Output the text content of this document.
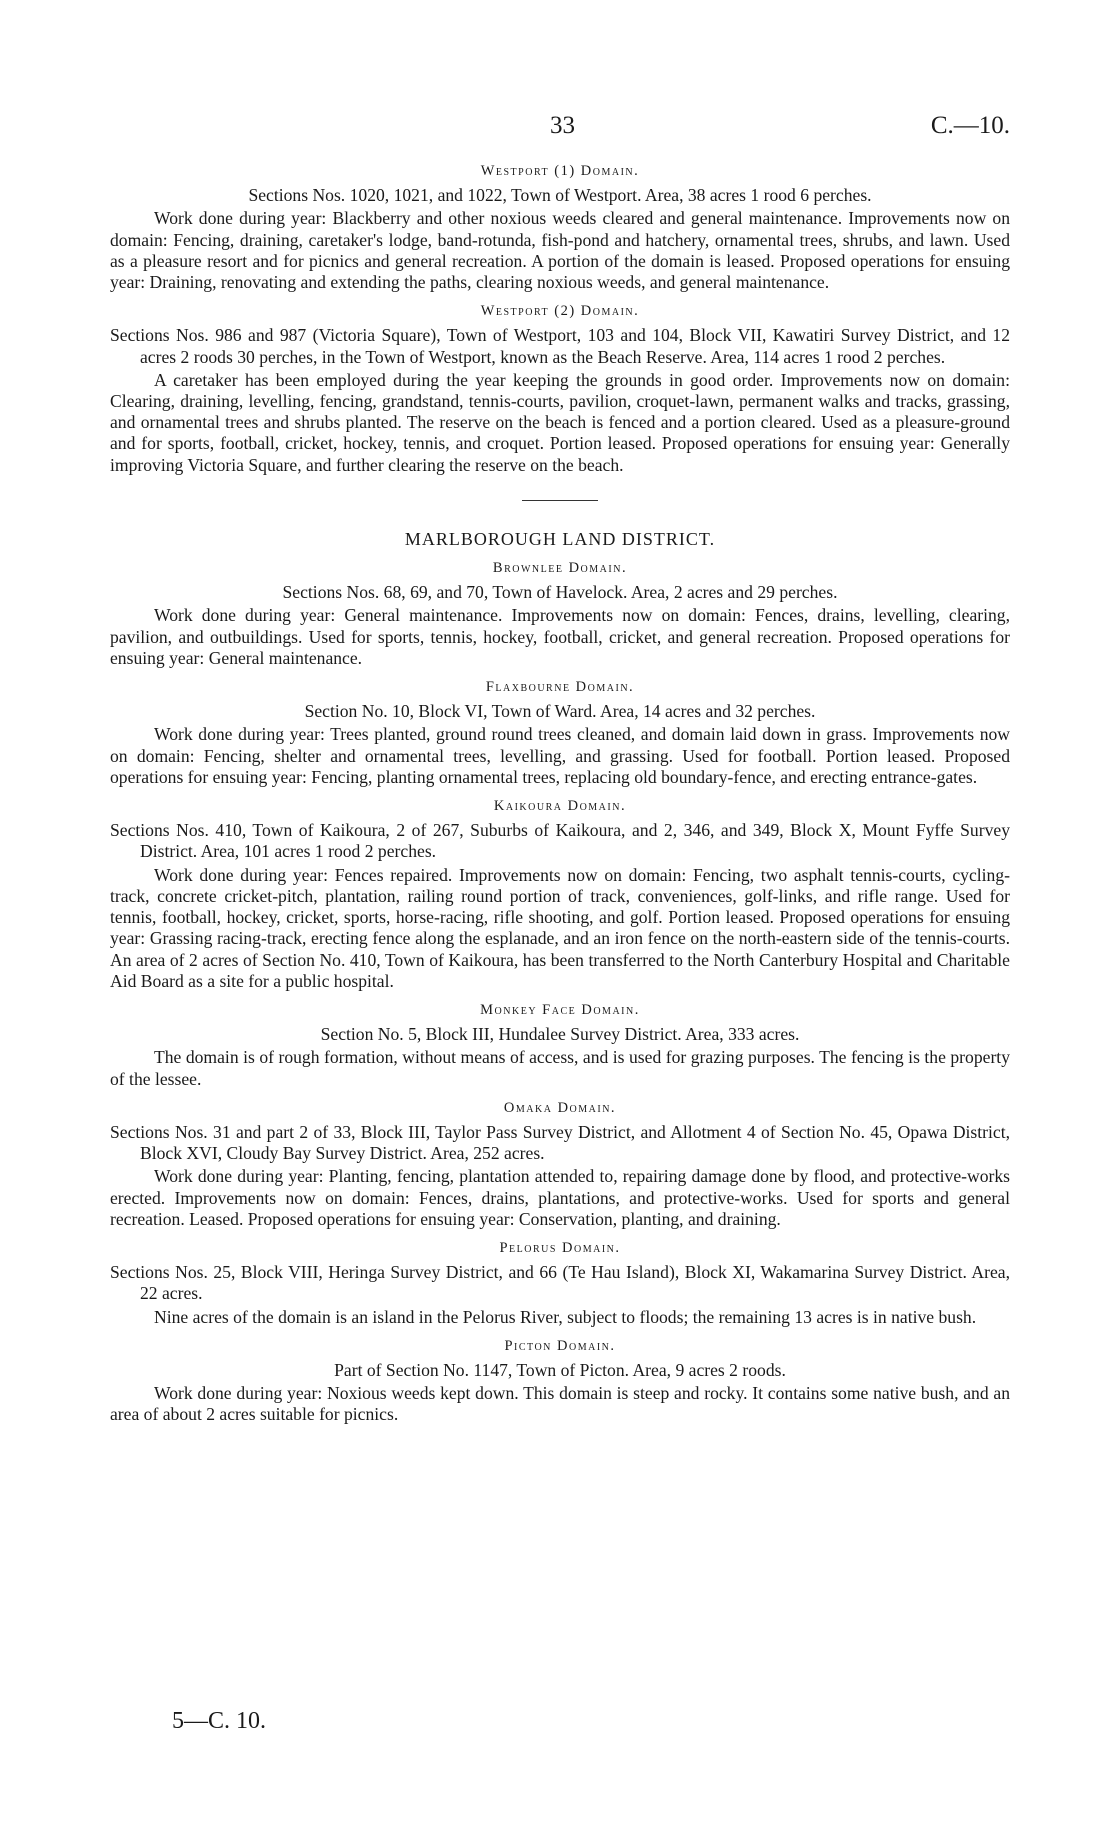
33	C.—10.
Westport (1) Domain.
Sections Nos. 1020, 1021, and 1022, Town of Westport. Area, 38 acres 1 rood 6 perches.
Work done during year: Blackberry and other noxious weeds cleared and general maintenance. Improvements now on domain: Fencing, draining, caretaker's lodge, band-rotunda, fish-pond and hatchery, ornamental trees, shrubs, and lawn. Used as a pleasure resort and for picnics and general recreation. A portion of the domain is leased. Proposed operations for ensuing year: Draining, renovating and extending the paths, clearing noxious weeds, and general maintenance.
Westport (2) Domain.
Sections Nos. 986 and 987 (Victoria Square), Town of Westport, 103 and 104, Block VII, Kawatiri Survey District, and 12 acres 2 roods 30 perches, in the Town of Westport, known as the Beach Reserve. Area, 114 acres 1 rood 2 perches.
A caretaker has been employed during the year keeping the grounds in good order. Improvements now on domain: Clearing, draining, levelling, fencing, grandstand, tennis-courts, pavilion, croquet-lawn, permanent walks and tracks, grassing, and ornamental trees and shrubs planted. The reserve on the beach is fenced and a portion cleared. Used as a pleasure-ground and for sports, football, cricket, hockey, tennis, and croquet. Portion leased. Proposed operations for ensuing year: Generally improving Victoria Square, and further clearing the reserve on the beach.
MARLBOROUGH LAND DISTRICT.
Brownlee Domain.
Sections Nos. 68, 69, and 70, Town of Havelock. Area, 2 acres and 29 perches.
Work done during year: General maintenance. Improvements now on domain: Fences, drains, levelling, clearing, pavilion, and outbuildings. Used for sports, tennis, hockey, football, cricket, and general recreation. Proposed operations for ensuing year: General maintenance.
Flaxbourne Domain.
Section No. 10, Block VI, Town of Ward. Area, 14 acres and 32 perches.
Work done during year: Trees planted, ground round trees cleaned, and domain laid down in grass. Improvements now on domain: Fencing, shelter and ornamental trees, levelling, and grassing. Used for football. Portion leased. Proposed operations for ensuing year: Fencing, planting ornamental trees, replacing old boundary-fence, and erecting entrance-gates.
Kaikoura Domain.
Sections Nos. 410, Town of Kaikoura, 2 of 267, Suburbs of Kaikoura, and 2, 346, and 349, Block X, Mount Fyffe Survey District. Area, 101 acres 1 rood 2 perches.
Work done during year: Fences repaired. Improvements now on domain: Fencing, two asphalt tennis-courts, cycling-track, concrete cricket-pitch, plantation, railing round portion of track, conveniences, golf-links, and rifle range. Used for tennis, football, hockey, cricket, sports, horse-racing, rifle shooting, and golf. Portion leased. Proposed operations for ensuing year: Grassing racing-track, erecting fence along the esplanade, and an iron fence on the north-eastern side of the tennis-courts. An area of 2 acres of Section No. 410, Town of Kaikoura, has been transferred to the North Canterbury Hospital and Charitable Aid Board as a site for a public hospital.
Monkey Face Domain.
Section No. 5, Block III, Hundalee Survey District. Area, 333 acres.
The domain is of rough formation, without means of access, and is used for grazing purposes. The fencing is the property of the lessee.
Omaka Domain.
Sections Nos. 31 and part 2 of 33, Block III, Taylor Pass Survey District, and Allotment 4 of Section No. 45, Opawa District, Block XVI, Cloudy Bay Survey District. Area, 252 acres.
Work done during year: Planting, fencing, plantation attended to, repairing damage done by flood, and protective-works erected. Improvements now on domain: Fences, drains, plantations, and protective-works. Used for sports and general recreation. Leased. Proposed operations for ensuing year: Conservation, planting, and draining.
Pelorus Domain.
Sections Nos. 25, Block VIII, Heringa Survey District, and 66 (Te Hau Island), Block XI, Wakamarina Survey District. Area, 22 acres.
Nine acres of the domain is an island in the Pelorus River, subject to floods; the remaining 13 acres is in native bush.
Picton Domain.
Part of Section No. 1147, Town of Picton. Area, 9 acres 2 roods.
Work done during year: Noxious weeds kept down. This domain is steep and rocky. It contains some native bush, and an area of about 2 acres suitable for picnics.
5—C. 10.
